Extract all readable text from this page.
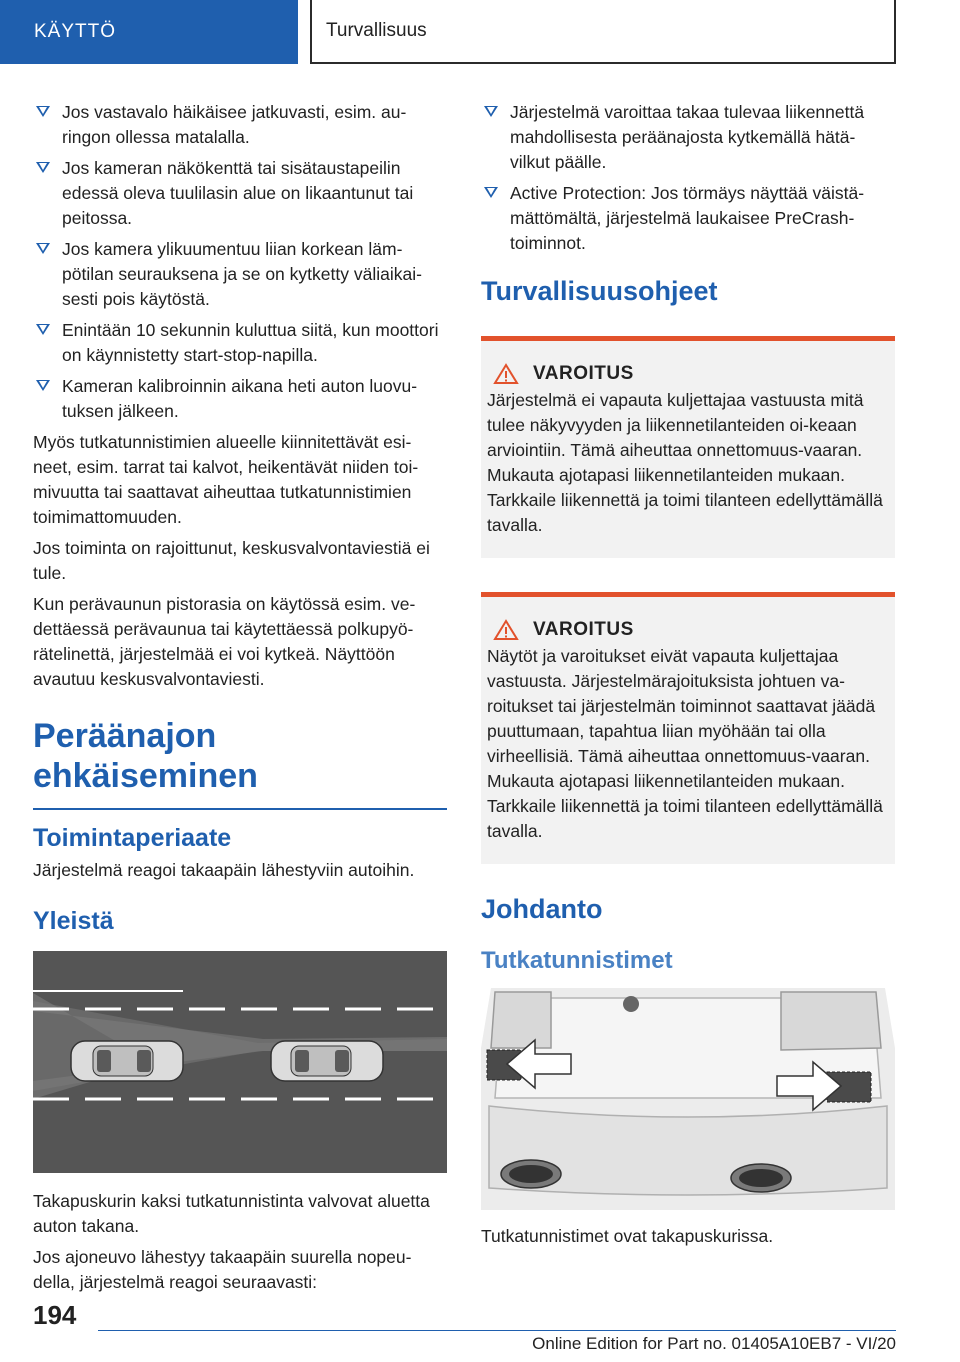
KÄYTTÖ	Turvallisuus
Jos vastavalo häikäisee jatkuvasti, esim. au-ringon ollessa matalalla.
Jos kameran näkökenttä tai sisätaustapeilin edessä oleva tuulilasin alue on likaantunut tai peitossa.
Jos kamera ylikuumentuu liian korkean läm-pötilan seurauksena ja se on kytketty väliaikai-sesti pois käytöstä.
Enintään 10 sekunnin kuluttua siitä, kun moottori on käynnistetty start-stop-napilla.
Kameran kalibroinnin aikana heti auton luovu-tuksen jälkeen.

Myös tutkatunnistimien alueelle kiinnitettävät esi-neet, esim. tarrat tai kalvot, heikentävät niiden toi-mivuutta tai saattavat aiheuttaa tutkatunnistimien toimimattomuuden.

Jos toiminta on rajoittunut, keskusvalvontaviestiä ei tule.

Kun perävaunun pistorasia on käytössä esim. ve-dettäessä perävaunua tai käytettäessä polkupyö-rätelinettä, järjestelmää ei voi kytkeä. Näyttöön avautuu keskusvalvontaviesti.

Peräänajon ehkäiseminen
Toimintaperiaate

Järjestelmä reagoi takaapäin lähestyviin autoihin.

Yleistä

Takapuskurin kaksi tutkatunnistinta valvovat aluetta auton takana.

Jos ajoneuvo lähestyy takaapäin suurella nopeu-della, järjestelmä reagoi seuraavasti:

Järjestelmä varoittaa takaa tulevaa liikennettä mahdollisesta peräänajosta kytkemällä hätä-vilkut päälle.
Active Protection: Jos törmäys näyttää väistä-mättömältä, järjestelmä laukaisee PreCrash-toiminnot.
Turvallisuusohjeet
VAROITUS
Järjestelmä ei vapauta kuljettajaa vastuusta mitä tulee näkyvyyden ja liikennetilanteiden oi-keaan arviointiin. Tämä aiheuttaa onnettomuus-vaaran. Mukauta ajotapasi liikennetilanteiden mukaan. Tarkkaile liikennettä ja toimi tilanteen edellyttämällä tavalla.
VAROITUS
Näytöt ja varoitukset eivät vapauta kuljettajaa vastuusta. Järjestelmärajoituksista johtuen va-roitukset tai järjestelmän toiminnot saattavat jäädä puuttumaan, tapahtua liian myöhään tai olla virheellisiä. Tämä aiheuttaa onnettomuus-vaaran. Mukauta ajotapasi liikennetilanteiden mukaan. Tarkkaile liikennettä ja toimi tilanteen edellyttämällä tavalla.
Johdanto
Tutkatunnistimet

Tutkatunnistimet ovat takapuskurissa.

194
Online Edition for Part no. 01405A10EB7 - VI/20
